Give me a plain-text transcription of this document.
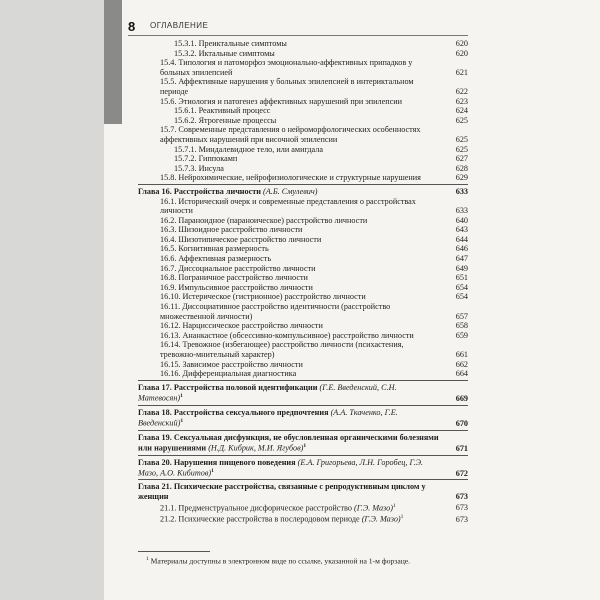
8 ОГЛАВЛЕНИЕ
15.3.1. Преиктальные симптомы	620
15.3.2. Иктальные симптомы	620
15.4. Типология и патоморфоз эмоционально-аффективных припадков у больных эпилепсией	621
15.5. Аффективные нарушения у больных эпилепсией в интериктальном периоде	622
15.6. Этиология и патогенез аффективных нарушений при эпилепсии	623
15.6.1. Реактивный процесс	624
15.6.2. Ятрогенные процессы	625
15.7. Современные представления о нейроморфологических особенностях аффективных нарушений при височной эпилепсии	625
15.7.1. Миндалевидное тело, или амигдала	625
15.7.2. Гиппокамп	627
15.7.3. Инсула	628
15.8. Нейрохимические, нейрофизиологические и структурные нарушения	629
Глава 16. Расстройства личности (А.Б. Смулевич)	633
16.1. Исторический очерк и современные представления о расстройствах личности	633
16.2. Параноидное (параноическое) расстройство личности	640
16.3. Шизоидное расстройство личности	643
16.4. Шизотипическое расстройство личности	644
16.5. Когнитивная размерность	646
16.6. Аффективная размерность	647
16.7. Диссоциальное расстройство личности	649
16.8. Пограничное расстройство личности	651
16.9. Импульсивное расстройство личности	654
16.10. Истерическое (гистрионное) расстройство личности	654
16.11. Диссоциативное расстройство идентичности (расстройство множественной личности)	657
16.12. Нарциссическое расстройство личности	658
16.13. Ананкастное (обсессивно-компульсивное) расстройство личности	659
16.14. Тревожное (избегающее) расстройство личности (психастения, тревожно-мнительный характер)	661
16.15. Зависимое расстройство личности	662
16.16. Дифференциальная диагностика	664
Глава 17. Расстройства половой идентификации (Г.Е. Введенский, С.Н. Матевосян)$^1$	669
Глава 18. Расстройства сексуального предпочтения (А.А. Ткаченко, Г.Е. Введенский)$^1$	670
Глава 19. Сексуальная дисфункция, не обусловленная органическими болезнями или нарушениями (Н.Д. Кибрик, М.И. Ягубов)$^1$	671
Глава 20. Нарушения пищевого поведения (Е.А. Григорьева, Л.Н. Горобец, Г.Э. Мазо, А.О. Кибитов)$^1$	672
Глава 21. Психические расстройства, связанные с репродуктивным циклом у женщин	673
21.1. Предменструальное дисфорическое расстройство (Г.Э. Мазо)$^1$	673
21.2. Психические расстройства в послеродовом периоде (Г.Э. Мазо)$^1$	673
$^1$ Материалы доступны в электронном виде по ссылке, указанной на 1-м форзаце.
